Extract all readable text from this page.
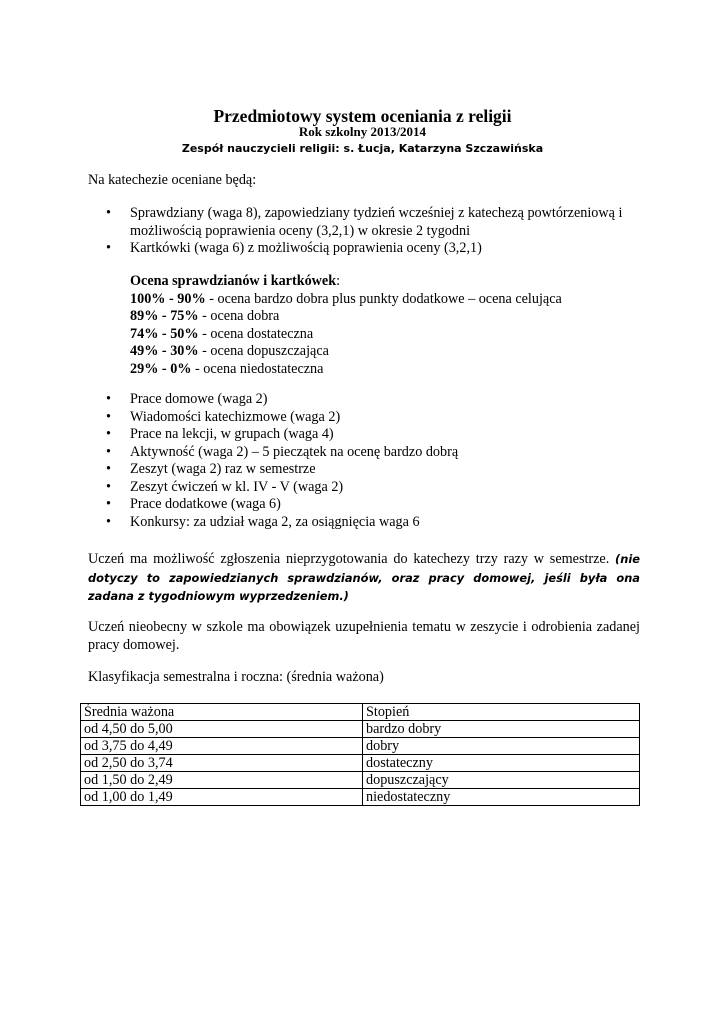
Przedmiotowy system oceniania z religii
Rok szkolny 2013/2014
Zespół nauczycieli religii: s. Łucja, Katarzyna Szczawińska
Na katechezie oceniane będą:
• Sprawdziany (waga 8), zapowiedziany tydzień wcześniej z katechezą powtórzeniową i możliwością poprawienia oceny (3,2,1) w okresie 2 tygodni
• Kartkówki (waga 6) z możliwością poprawienia oceny (3,2,1)
Ocena sprawdzianów i kartkówek:
100% - 90% - ocena bardzo dobra plus punkty dodatkowe – ocena celująca
89% - 75% - ocena dobra
74% - 50% - ocena dostateczna
49% - 30% - ocena dopuszczająca
29% - 0% - ocena niedostateczna
• Prace domowe (waga 2)
• Wiadomości katechizmowe (waga 2)
• Prace na lekcji, w grupach (waga 4)
• Aktywność (waga 2) – 5 pieczątek na ocenę bardzo dobrą
• Zeszyt (waga 2) raz w semestrze
• Zeszyt ćwiczeń w kl. IV - V (waga 2)
• Prace dodatkowe (waga 6)
• Konkursy: za udział waga 2, za osiągnięcia waga 6
Uczeń ma możliwość zgłoszenia nieprzygotowania do katechezy trzy razy w semestrze. (nie dotyczy to zapowiedzianych sprawdzianów, oraz pracy domowej, jeśli była ona zadana z tygodniowym wyprzedzeniem.)
Uczeń nieobecny w szkole ma obowiązek uzupełnienia tematu w zeszycie i odrobienia zadanej pracy domowej.
Klasyfikacja semestralna i roczna: (średnia ważona)
Średnia ważona	Stopień
od 4,50 do 5,00	bardzo dobry
od 3,75 do 4,49	dobry
od 2,50 do 3,74	dostateczny
od 1,50 do 2,49	dopuszczający
od 1,00 do 1,49	niedostateczny
